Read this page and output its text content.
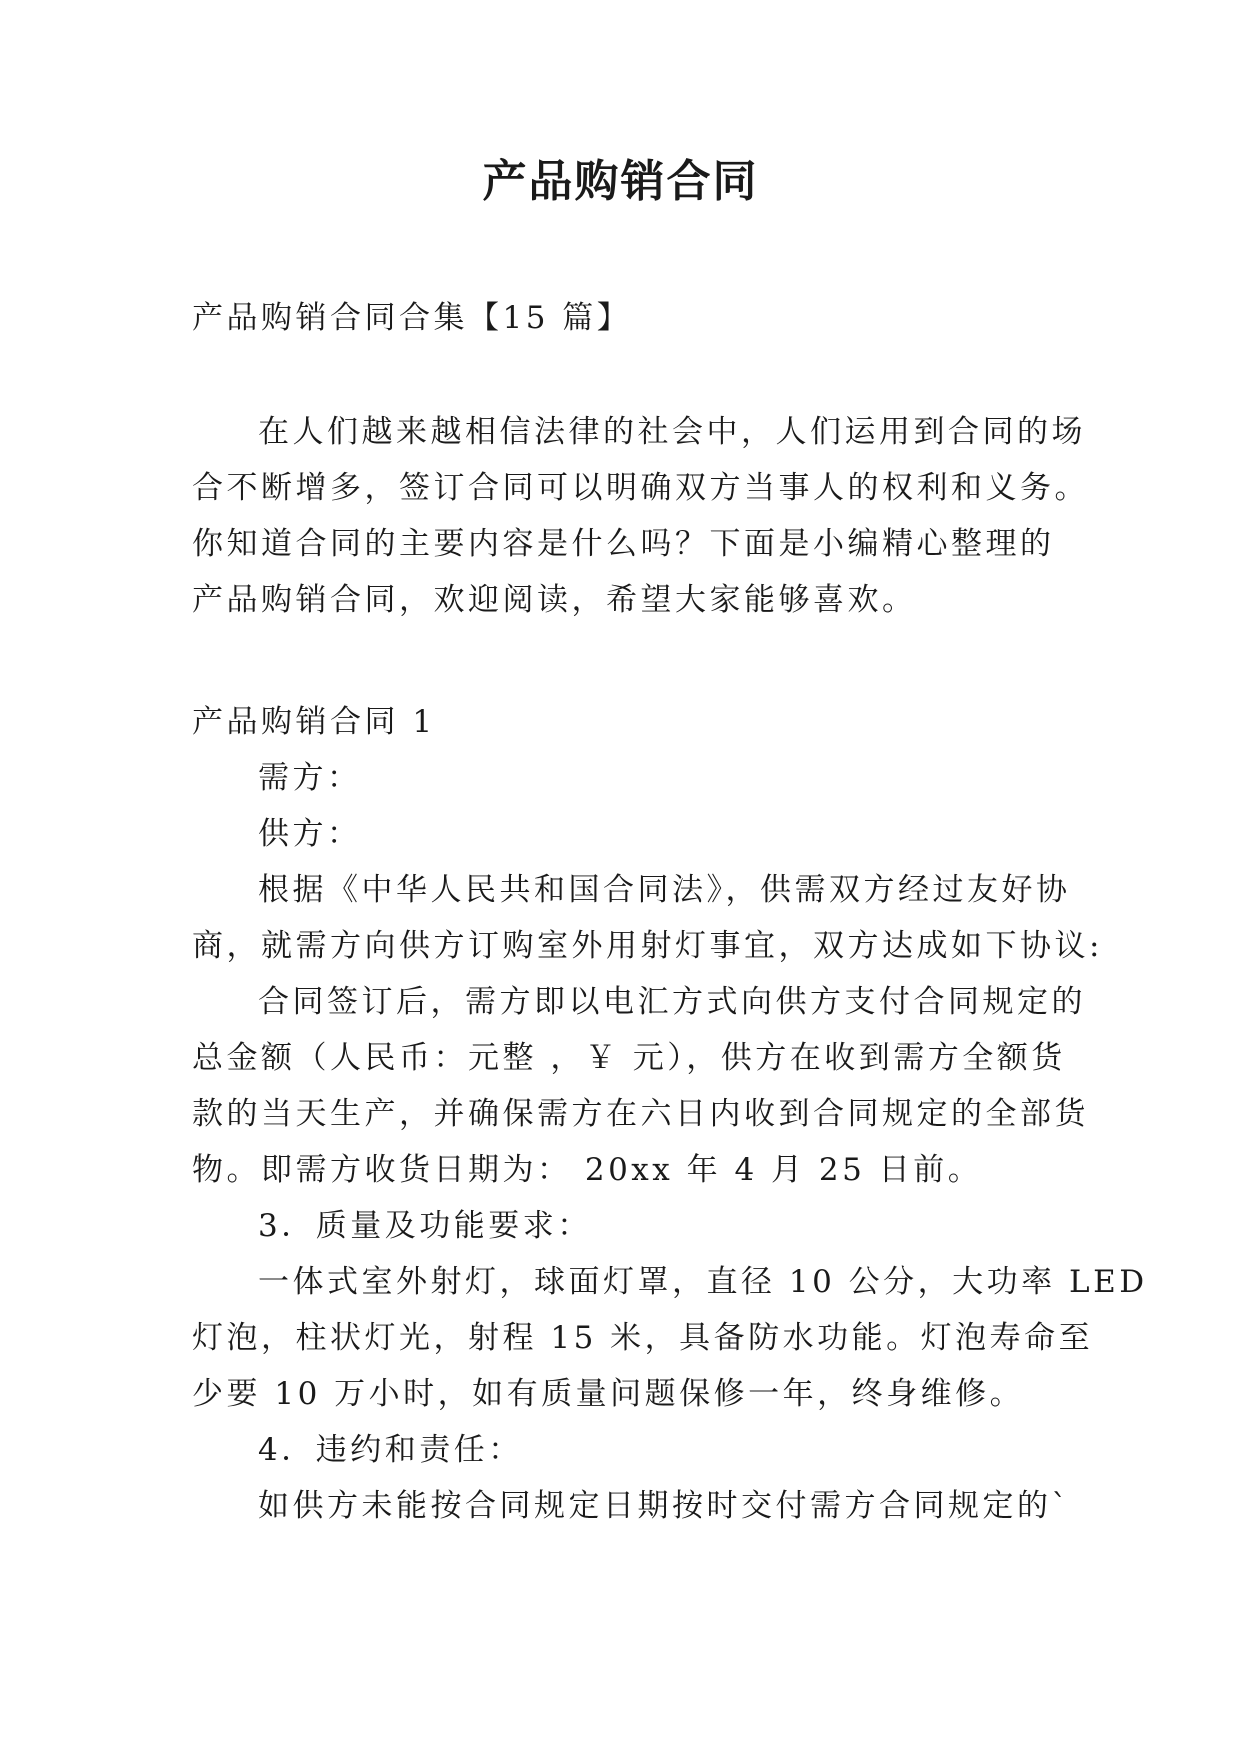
产品购销合同
产品购销合同合集【15 篇】
在人们越来越相信法律的社会中，人们运用到合同的场
合不断增多，签订合同可以明确双方当事人的权利和义务。
你知道合同的主要内容是什么吗？下面是小编精心整理的
产品购销合同，欢迎阅读，希望大家能够喜欢。
产品购销合同 1
需方：
供方：
根据《中华人民共和国合同法》，供需双方经过友好协
商，就需方向供方订购室外用射灯事宜，双方达成如下协议:
合同签订后，需方即以电汇方式向供方支付合同规定的
总金额（人民币：元整 ，￥ 元），供方在收到需方全额货
款的当天生产，并确保需方在六日内收到合同规定的全部货
物。即需方收货日期为： 20xx 年 4 月 25 日前。
3．质量及功能要求：
一体式室外射灯，球面灯罩，直径 10 公分，大功率 LED
灯泡，柱状灯光，射程 15 米，具备防水功能。灯泡寿命至
少要 10 万小时，如有质量问题保修一年，终身维修。
4．违约和责任：
如供方未能按合同规定日期按时交付需方合同规定的`
